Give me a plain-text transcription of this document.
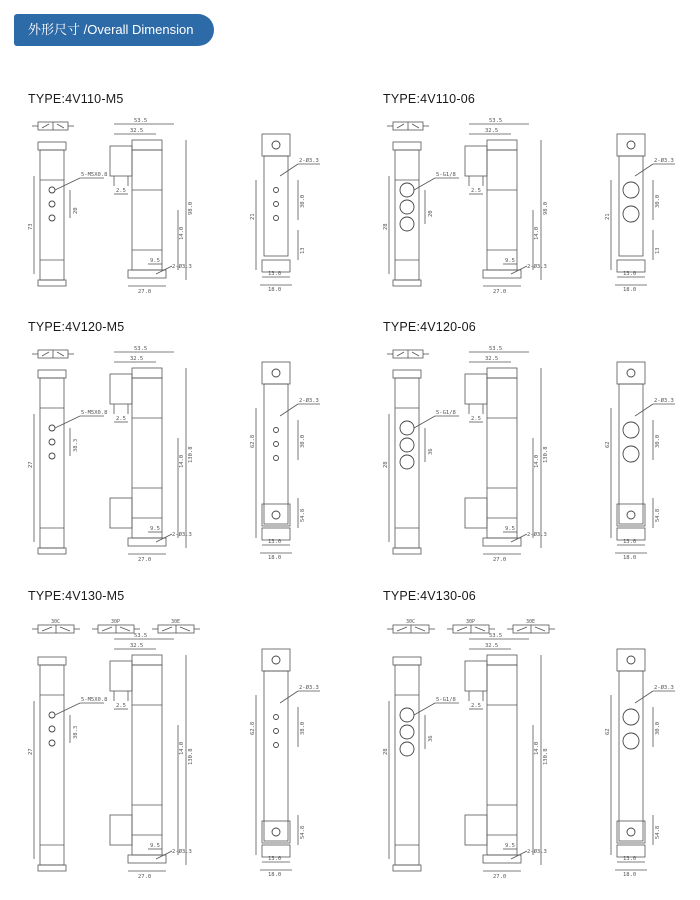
外形尺寸 /Overall Dimension
TYPE:4V110-M5
5-M5X0.8
73
20
53.5
32.5
98.0
14.0
2.5
9.5
27.0
2-Ø3.3
13.0
18.0
30.0
13
21
2-Ø3.3
TYPE:4V110-06
5-G1/8
28
20
53.5
32.5
98.0
14.0
2.5
9.5
27.0
2-Ø3.3
13.0
18.0
30.0
13
21
2-Ø3.3
TYPE:4V120-M5
5-M5X0.8
27
38.3
53.5
32.5
130.8
14.0
2.5
9.5
27.0
2-Ø3.3
13.0
18.0
30.0
54.8
62.8
2-Ø3.3
TYPE:4V120-06
5-G1/8
28
36
53.5
32.5
130.8
14.0
2.5
9.5
27.0
2-Ø3.3
13.0
18.0
30.0
54.8
62
2-Ø3.3
TYPE:4V130-M5
30C	30P	30E
5-M5X0.8
27
38.3
53.5
32.5
130.8
14.0
2.5
9.5
27.0
2-Ø3.3
13.0
18.0
38.0
54.8
62.8
2-Ø3.3
TYPE:4V130-06
30C	30P	30E
5-G1/8
28
36
53.5
32.5
130.8
14.0
2.5
9.5
27.0
2-Ø3.3
13.0
18.0
30.0
54.8
62
2-Ø3.3
